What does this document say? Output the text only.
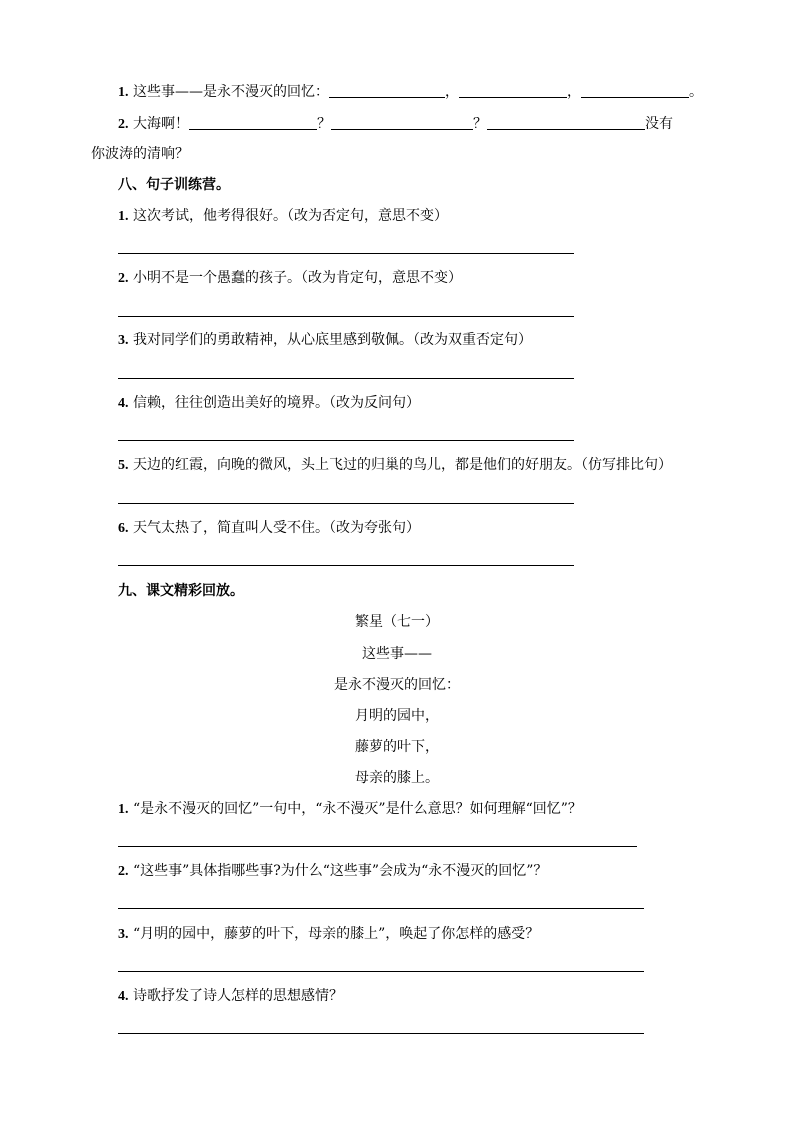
1. 这些事——是永不漫灭的回忆：	，	，	。
2. 大海啊！	？	？	没有
你波涛的清响？
八、句子训练营。
1. 这次考试，他考得很好。（改为否定句，意思不变）
2. 小明不是一个愚蠢的孩子。（改为肯定句，意思不变）
3. 我对同学们的勇敢精神，从心底里感到敬佩。（改为双重否定句）
4. 信赖，往往创造出美好的境界。（改为反问句）
5. 天边的红霞，向晚的微风，头上飞过的归巢的鸟儿，都是他们的好朋友。（仿写排比句）
6. 天气太热了，简直叫人受不住。（改为夸张句）
九、课文精彩回放。
繁星（七一）
这些事——
是永不漫灭的回忆：
月明的园中，
藤萝的叶下，
母亲的膝上。
1. “是永不漫灭的回忆”一句中，“永不漫灭”是什么意思？如何理解“回忆”？
2. “这些事”具体指哪些事?为什么“这些事”会成为“永不漫灭的回忆”？
3. “月明的园中，藤萝的叶下，母亲的膝上”，唤起了你怎样的感受？
4. 诗歌抒发了诗人怎样的思想感情？
